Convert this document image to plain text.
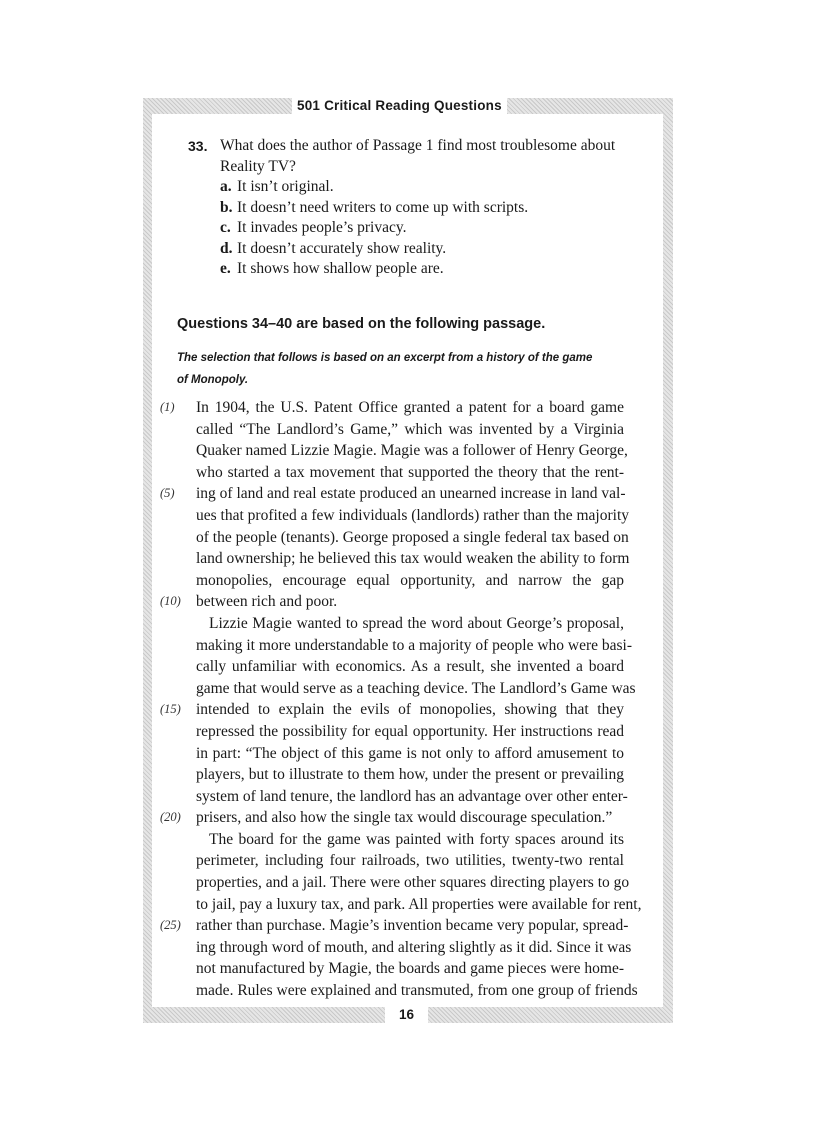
501 Critical Reading Questions
33. What does the author of Passage 1 find most troublesome about
Reality TV?
a. It isn’t original.
b. It doesn’t need writers to come up with scripts.
c. It invades people’s privacy.
d. It doesn’t accurately show reality.
e. It shows how shallow people are.
Questions 34–40 are based on the following passage.
The selection that follows is based on an excerpt from a history of the game
of Monopoly.
(1)
(5)
(10)
(15)
(20)
(25)
In 1904, the U.S. Patent Office granted a patent for a board game
called “The Landlord’s Game,” which was invented by a Virginia
Quaker named Lizzie Magie. Magie was a follower of Henry George,
who started a tax movement that supported the theory that the rent-
ing of land and real estate produced an unearned increase in land val-
ues that profited a few individuals (landlords) rather than the majority
of the people (tenants). George proposed a single federal tax based on
land ownership; he believed this tax would weaken the ability to form
monopolies, encourage equal opportunity, and narrow the gap
between rich and poor.
Lizzie Magie wanted to spread the word about George’s proposal,
making it more understandable to a majority of people who were basi-
cally unfamiliar with economics. As a result, she invented a board
game that would serve as a teaching device. The Landlord’s Game was
intended to explain the evils of monopolies, showing that they
repressed the possibility for equal opportunity. Her instructions read
in part: “The object of this game is not only to afford amusement to
players, but to illustrate to them how, under the present or prevailing
system of land tenure, the landlord has an advantage over other enter-
prisers, and also how the single tax would discourage speculation.”
The board for the game was painted with forty spaces around its
perimeter, including four railroads, two utilities, twenty-two rental
properties, and a jail. There were other squares directing players to go
to jail, pay a luxury tax, and park. All properties were available for rent,
rather than purchase. Magie’s invention became very popular, spread-
ing through word of mouth, and altering slightly as it did. Since it was
not manufactured by Magie, the boards and game pieces were home-
made. Rules were explained and transmuted, from one group of friends
16
